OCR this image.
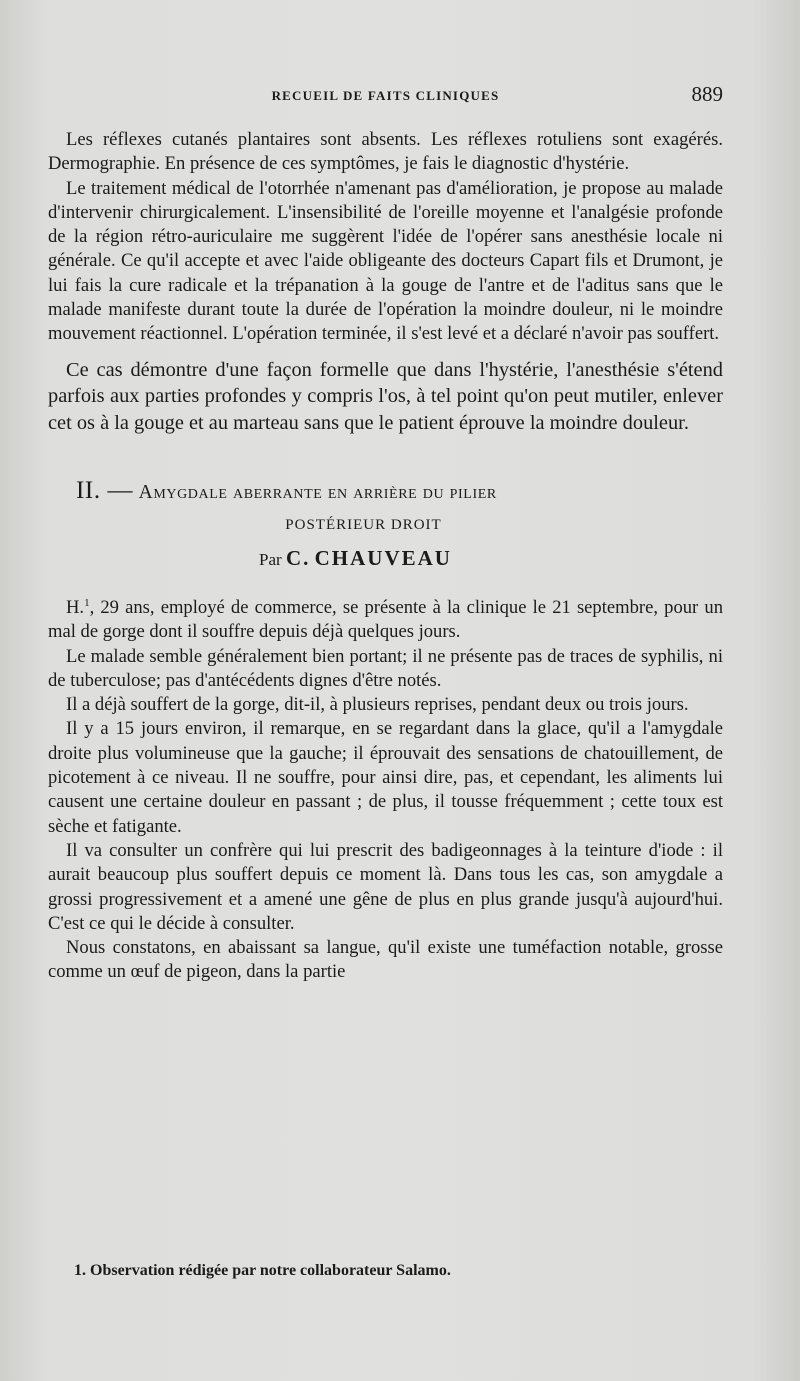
RECUEIL DE FAITS CLINIQUES	889

Les réflexes cutanés plantaires sont absents. Les réflexes rotuliens sont exagérés. Dermographie. En présence de ces symptômes, je fais le diagnostic d'hystérie.

Le traitement médical de l'otorrhée n'amenant pas d'amélioration, je propose au malade d'intervenir chirurgicalement. L'insensibilité de l'oreille moyenne et l'analgésie profonde de la région rétro-auriculaire me suggèrent l'idée de l'opérer sans anesthésie locale ni générale. Ce qu'il accepte et avec l'aide obligeante des docteurs Capart fils et Drumont, je lui fais la cure radicale et la trépanation à la gouge de l'antre et de l'aditus sans que le malade manifeste durant toute la durée de l'opération la moindre douleur, ni le moindre mouvement réactionnel. L'opération terminée, il s'est levé et a déclaré n'avoir pas souffert.

Ce cas démontre d'une façon formelle que dans l'hystérie, l'anesthésie s'étend parfois aux parties profondes y compris l'os, à tel point qu'on peut mutiler, enlever cet os à la gouge et au marteau sans que le patient éprouve la moindre douleur.

II. — Amygdale aberrante en arrière du pilier
POSTÉRIEUR DROIT
Par C. CHAUVEAU

H.$^1$, 29 ans, employé de commerce, se présente à la clinique le 21 septembre, pour un mal de gorge dont il souffre depuis déjà quelques jours.

Le malade semble généralement bien portant; il ne présente pas de traces de syphilis, ni de tuberculose; pas d'antécédents dignes d'être notés.

Il a déjà souffert de la gorge, dit-il, à plusieurs reprises, pendant deux ou trois jours.

Il y a 15 jours environ, il remarque, en se regardant dans la glace, qu'il a l'amygdale droite plus volumineuse que la gauche; il éprouvait des sensations de chatouillement, de picotement à ce niveau. Il ne souffre, pour ainsi dire, pas, et cependant, les aliments lui causent une certaine douleur en passant ; de plus, il tousse fréquemment ; cette toux est sèche et fatigante.

Il va consulter un confrère qui lui prescrit des badigeonnages à la teinture d'iode : il aurait beaucoup plus souffert depuis ce moment là. Dans tous les cas, son amygdale a grossi progressivement et a amené une gêne de plus en plus grande jusqu'à aujourd'hui. C'est ce qui le décide à consulter.

Nous constatons, en abaissant sa langue, qu'il existe une tuméfaction notable, grosse comme un œuf de pigeon, dans la partie

1. Observation rédigée par notre collaborateur Salamo.
